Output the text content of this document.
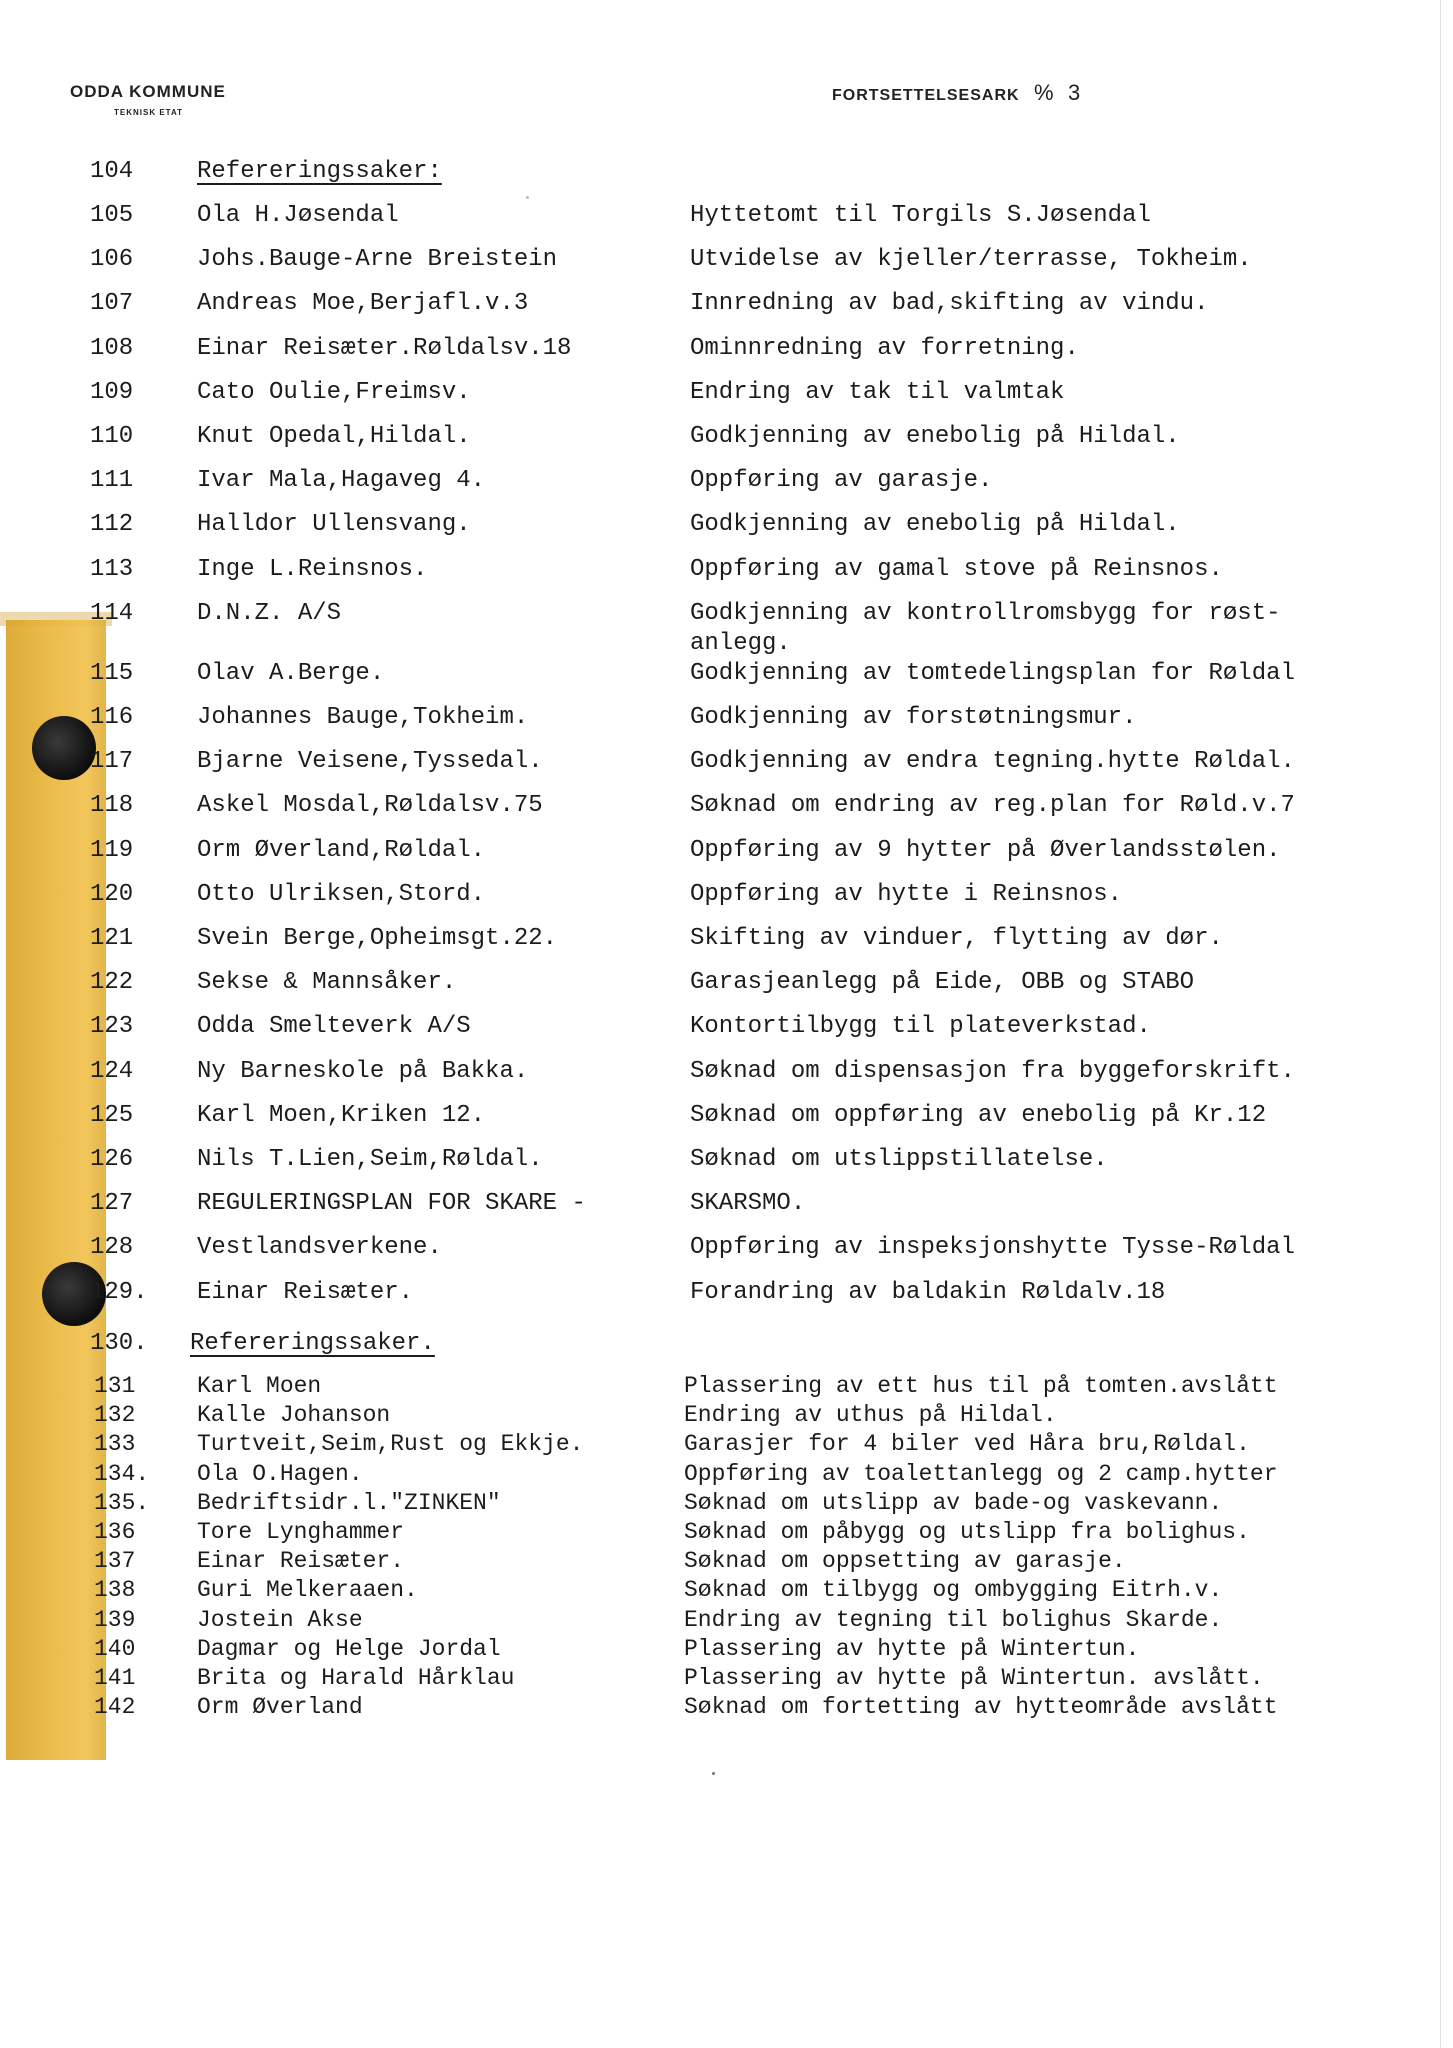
ODDA KOMMUNE
TEKNISK ETAT
FORTSETTELSESARK % 3
104	Refereringssaker:
105	Ola H.Jøsendal	Hyttetomt til Torgils S.Jøsendal
106	Johs.Bauge-Arne Breistein	Utvidelse av kjeller/terrasse, Tokheim.
107	Andreas Moe,Berjafl.v.3	Innredning av bad,skifting av vindu.
108	Einar Reisæter.Røldalsv.18	Ominnredning av forretning.
109	Cato Oulie,Freimsv.	Endring av tak til valmtak
110	Knut Opedal,Hildal.	Godkjenning av enebolig på Hildal.
111	Ivar Mala,Hagaveg 4.	Oppføring av garasje.
112	Halldor Ullensvang.	Godkjenning av enebolig på Hildal.
113	Inge L.Reinsnos.	Oppføring av gamal stove på Reinsnos.
114	D.N.Z. A/S	Godkjenning av kontrollromsbygg for røst-
anlegg.
115	Olav A.Berge.	Godkjenning av tomtedelingsplan for Røldal
116	Johannes Bauge,Tokheim.	Godkjenning av forstøtningsmur.
117	Bjarne Veisene,Tyssedal.	Godkjenning av endra tegning.hytte Røldal.
118	Askel Mosdal,Røldalsv.75	Søknad om endring av reg.plan for Røld.v.7
119	Orm Øverland,Røldal.	Oppføring av 9 hytter på Øverlandsstølen.
120	Otto Ulriksen,Stord.	Oppføring av hytte i Reinsnos.
121	Svein Berge,Opheimsgt.22.	Skifting av vinduer, flytting av dør.
122	Sekse & Mannsåker.	Garasjeanlegg på Eide, OBB og STABO
123	Odda Smelteverk A/S	Kontortilbygg til plateverkstad.
124	Ny Barneskole på Bakka.	Søknad om dispensasjon fra byggeforskrift.
125	Karl Moen,Kriken 12.	Søknad om oppføring av enebolig på Kr.12
126	Nils T.Lien,Seim,Røldal.	Søknad om utslippstillatelse.
127	REGULERINGSPLAN FOR SKARE -	SKARSMO.
128	Vestlandsverkene.	Oppføring av inspeksjonshytte Tysse-Røldal
129. Einar Reisæter.	Forandring av baldakin Røldalv.18
130. Refereringssaker.
131	Karl Moen	Plassering av ett hus til på tomten.avslått
132	Kalle Johanson	Endring av uthus på Hildal.
133	Turtveit,Seim,Rust og Ekkje.	Garasjer for 4 biler ved Håra bru,Røldal.
134. Ola O.Hagen.	Oppføring av toalettanlegg og 2 camp.hytter
135. Bedriftsidr.l."ZINKEN"	Søknad om utslipp av bade-og vaskevann.
136	Tore Lynghammer	Søknad om påbygg og utslipp fra bolighus.
137	Einar Reisæter.	Søknad om oppsetting av garasje.
138	Guri Melkeraaen.	Søknad om tilbygg og ombygging Eitrh.v.
139	Jostein Akse	Endring av tegning til bolighus Skarde.
140	Dagmar og Helge Jordal	Plassering av hytte på Wintertun.
141	Brita og Harald Hårklau	Plassering av hytte på Wintertun. avslått.
142	Orm Øverland	Søknad om fortetting av hytteområde avslått
